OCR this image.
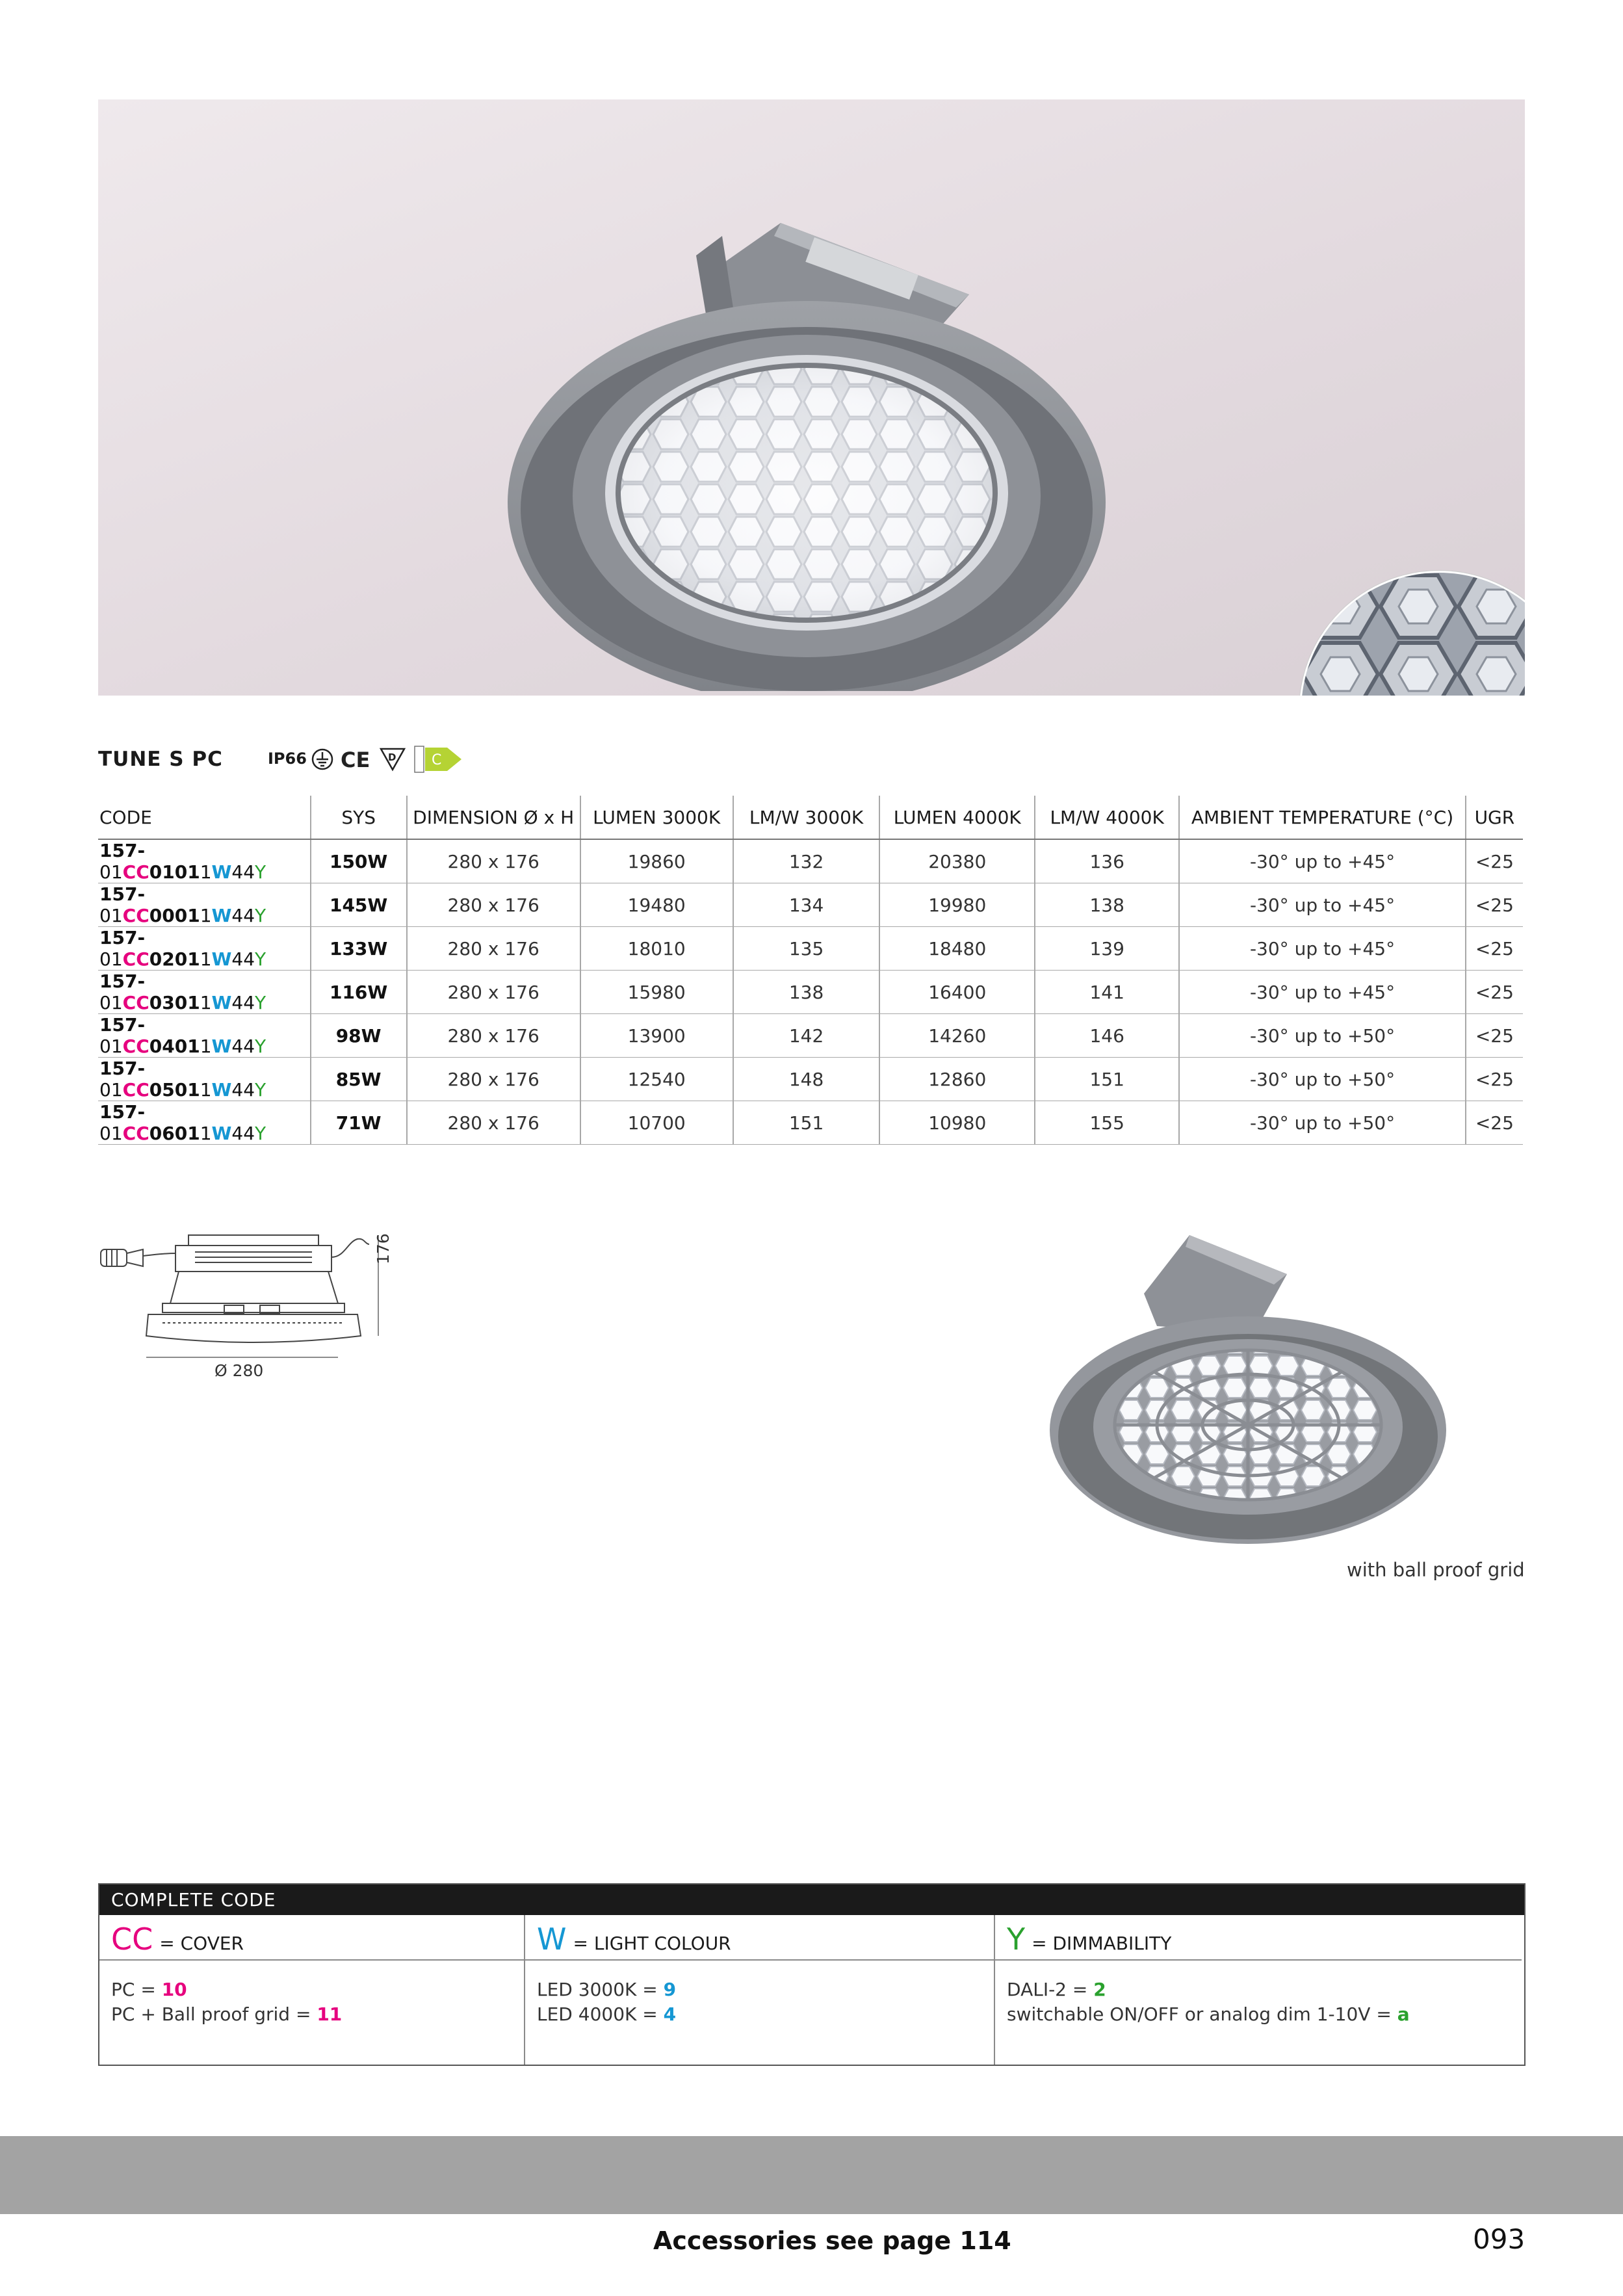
TUNE S PC	IP66 CE D C
CODE	SYS	DIMENSION Ø x H	LUMEN 3000K	LM/W 3000K	LUMEN 4000K	LM/W 4000K	AMBIENT TEMPERATURE (°C)	UGR
157-01CC01011W44Y	150W	280 x 176	19860	132	20380	136	-30° up to +45°	<25
157-01CC00011W44Y	145W	280 x 176	19480	134	19980	138	-30° up to +45°	<25
157-01CC02011W44Y	133W	280 x 176	18010	135	18480	139	-30° up to +45°	<25
157-01CC03011W44Y	116W	280 x 176	15980	138	16400	141	-30° up to +45°	<25
157-01CC04011W44Y	98W	280 x 176	13900	142	14260	146	-30° up to +50°	<25
157-01CC05011W44Y	85W	280 x 176	12540	148	12860	151	-30° up to +50°	<25
157-01CC06011W44Y	71W	280 x 176	10700	151	10980	155	-30° up to +50°	<25
Ø 280
176
with ball proof grid
COMPLETE CODE
CC = COVER
PC = 10
PC + Ball proof grid = 11
W = LIGHT COLOUR
LED 3000K = 9
LED 4000K = 4
Y = DIMMABILITY
DALI-2 = 2
switchable ON/OFF or analog dim 1-10V = a
Accessories see page 114	093
